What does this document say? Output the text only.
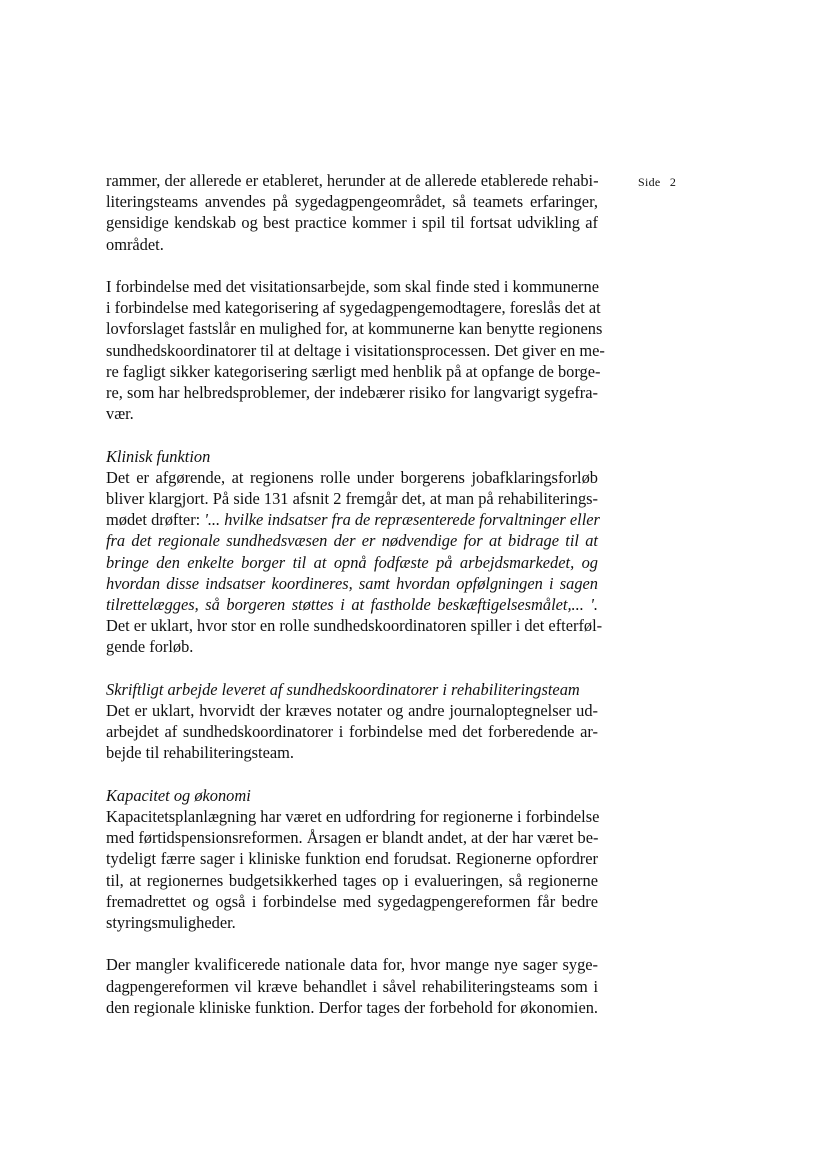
Side 2

rammer, der allerede er etableret, herunder at de allerede etablerede rehabi-
literingsteams anvendes på sygedagpengeområdet, så teamets erfaringer,
gensidige kendskab og best practice kommer i spil til fortsat udvikling af
området.

I forbindelse med det visitationsarbejde, som skal finde sted i kommunerne
i forbindelse med kategorisering af sygedagpengemodtagere, foreslås det at
lovforslaget fastslår en mulighed for, at kommunerne kan benytte regionens
sundhedskoordinatorer til at deltage i visitationsprocessen. Det giver en me-
re fagligt sikker kategorisering særligt med henblik på at opfange de borge-
re, som har helbredsproblemer, der indebærer risiko for langvarigt sygefra-
vær.

Klinisk funktion
Det er afgørende, at regionens rolle under borgerens jobafklaringsforløb
bliver klargjort. På side 131 afsnit 2 fremgår det, at man på rehabiliterings-
mødet drøfter: '... hvilke indsatser fra de repræsenterede forvaltninger eller
fra det regionale sundhedsvæsen der er nødvendige for at bidrage til at
bringe den enkelte borger til at opnå fodfæste på arbejdsmarkedet, og
hvordan disse indsatser koordineres, samt hvordan opfølgningen i sagen
tilrettelægges, så borgeren støttes i at fastholde beskæftigelsesmålet,... '.
Det er uklart, hvor stor en rolle sundhedskoordinatoren spiller i det efterføl-
gende forløb.

Skriftligt arbejde leveret af sundhedskoordinatorer i rehabiliteringsteam
Det er uklart, hvorvidt der kræves notater og andre journaloptegnelser ud-
arbejdet af sundhedskoordinatorer i forbindelse med det forberedende ar-
bejde til rehabiliteringsteam.

Kapacitet og økonomi
Kapacitetsplanlægning har været en udfordring for regionerne i forbindelse
med førtidspensionsreformen. Årsagen er blandt andet, at der har været be-
tydeligt færre sager i kliniske funktion end forudsat. Regionerne opfordrer
til, at regionernes budgetsikkerhed tages op i evalueringen, så regionerne
fremadrettet og også i forbindelse med sygedagpengereformen får bedre
styringsmuligheder.

Der mangler kvalificerede nationale data for, hvor mange nye sager syge-
dagpengereformen vil kræve behandlet i såvel rehabiliteringsteams som i
den regionale kliniske funktion. Derfor tages der forbehold for økonomien.
